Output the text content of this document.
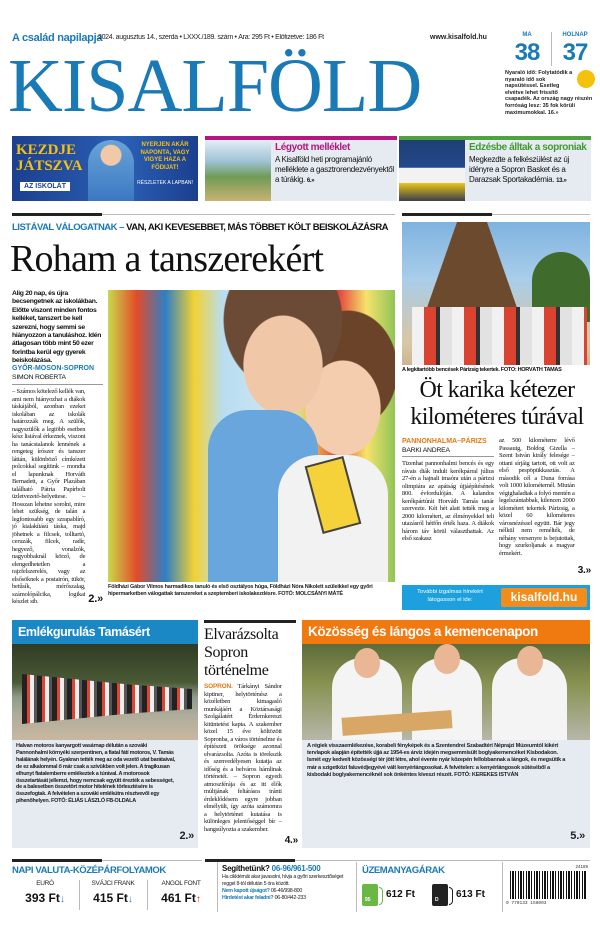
A család napilapja
2024. augusztus 14., szerda • LXXX./189. szám • Ára: 295 Ft • Előfizetve: 186 Ft	www.kisalfold.hu
KISALFÖLD
MA	HOLNAP
38 37
Nyaraló idő: Folytatódik a nyaraló idő sok napsütéssel. Esetleg elvétve lehet frissítő csapadék. Az ország nagy részén forróság lesz: 35 fok körüli maximumokkal. 16.»
KEZDJE JÁTSZVA
AZ ISKOLÁT
NYERJEN AKÁR NAPONTA, VAGY VIGYE HAZA A FŐDIJAT!
RÉSZLETEK A LAPBAN!
Légyott melléklet
A Kisalföld heti programajánló melléklete a gasztrorendezvényektől a túrákig. 6.»
Edzésbe álltak a soproniak
Megkezdte a felkészülést az új idényre a Sopron Basket és a Darazsak Sportakadémia. 13.»
LISTÁVAL VÁLOGATNAK – VAN, AKI KEVESEBBET, MÁS TÖBBET KÖLT BEISKOLÁZÁSRA
Roham a tanszerekért
Alig 20 nap, és újra becsengetnek az iskolákban. Előtte viszont minden fontos kelléket, tanszert be kell szerezni, hogy semmi se hiányozzon a tanuláshoz. Idén átlagosan több mint 50 ezer forintba kerül egy gyerek beiskolázása.
GYŐR-MOSON-SOPRON
SIMON ROBERTA
2.»
– Számos kötelező kellék van, ami nem hiányozhat a diákok táskájából, azonban ezeket iskolában az iskolák határozzák meg. A szülők, nagyszülők a legtöbb esetben kész listával érkeznek, viszont ha tanácstalanok lennének a rengeteg írószer és tanszer láttán, különböző címkézett polcokkal segítünk – mondta el lapunknak Horváth Bernadett, a Győr Plazában található Pátria Papírbolt üzletvezető-helyettese. – Hosszan lehetne sorolni, mire lehet szükség, de talán a legfontosabb egy szrapablíró, jó kialakítású táska, majd jöhetnek a filcsek, tolltartó, ceruzák, filcek, radír, hegyező, vonalzók, nagyobbaknál körző, de elengedhetetlen a rajzfelszerelés, vagy az elsősöknek a postairón, tükör, betűsík, mérőszalag, számolópálcika, logikai készlet stb.
Földházi Gábor Vilmos harmadikos tanuló és első osztályos húga, Földházi Nóra Nikolett szüleikkel egy győri hipermarketben válogattak tanszereket a szeptemberi iskolakezdésre. FOTÓ: MOLCSÁNYI MÁTÉ
A legkitartóbb bencések Párizsig tekertek. FOTÓ: HORVÁTH TAMÁS
Öt karika kétezer kilométeres túrával
PANNONHALMA–PÁRIZS
BARKI ANDREA
Tizenhat pannonhalmi bencés és egy rávais diák indult kerékpárral július 27-én a hajnali imaóra után a párizsi olimpiára az apátság újjáépítésének 800. évfordulóján. A kalandos kerékpártúrát Horváth Tamás tanár szervezte. Két hét alatt tették meg a 2000 kilométert, az élményekkel teli utazásról hétfőn érték haza. A diákok három táv körül választhattak. Az első szakasz
3.»
az 500 kilométerre lévő Passauig, Boldog Gizella – Szent István király felesége – ottani sírjáig tartott, ott volt az első pespöpükkasztás. A második cél a Duna forrása volt 1000 kilométernél. Miután végighaladtak a folyó mentén a legelszántabbak, kilencen 2000 kilométert tekertek Párizsig, a közel 60 kilométeres városnézéssel együtt. Bár jegy nélkül nem remélték, de néhány versenyre is bejutottak, hogy szurkoljanak a magyar érmekért.
További izgalmas hírekért látogasson el ide:	kisalfold.hu
Emlékgurulás Tamásért
2.»
Halvan motoros kanyargott vasárnap délután a szováki Pannonhalmi környéki szerpentinen, a fiatal fátí motoros, V. Tamás halálának helyén. Gyakran tették meg az oda vezető utat barátaival, de ez alkalommal ő már csak a szívükben volt jelen. A tragikusan elhunyt fiatalemberre emlékeztek a túrával. A motorosok összetartását jellemzi, hogy nemcsak együtt érezték a sebességet, de a balesetben összetört motor hitelének törlesztésére is összefogtak. A felvételen a szováki emlékútra résztvevői egy pihenőhelyen. FOTÓ: ÉLIÁS LÁSZLÓ FB-OLDALA
Elvarázsolta Sopron történelme
4.»
SOPRON. Tárkányi Sándor kiptiner, helytörténész a közéletben kimagasló munkájáért a Köztársasági Szolgálatért Érdemkereszt kitüntetést kapta. A szakember közel 15 éve költözött Sopronba, a város történelme és építészeti öröksége azonnal elvarázsolta. Azóta is törekszik és szenvedélyesen kutatja az időség és a belváros hámlinak történetét. – Sopron egyedi atmoszférája és az itt élők múltjának feltárásra iránti érdeklődésem egyre jobban elmélyült, így azóta számomra a helytörténet kutatása is különleges jelentőséggel bír – hangsúlyozta a szakember.
Közösség és lángos a kemencenapon
5.»
A régiek visszaemlékezése, korabeli fényképek és a Szentendrei Szabadtéri Néprajzi Múzeumtól kikért tervlapok alapján építették újjá az 1954-es árvíz idején megsemmisült boglyakemencéket Kisbodakon. Ismét egy kedvelt közösségi tér jött létre, ahol évente nyár közepén fellobbannak a lángok, és megsütik a már a szigetközi faluvédjegyévé vált kenyérlángosokat. A felvételen: a kenyérlángosok sütéséből a kisbodaki boglyakemencéknél sok önkéntes kiveszi részét. FOTÓ: KEREKES ISTVÁN
NAPI VALUTA-KÖZÉPÁRFOLYAMOK
EURÓ
393 Ft↓
SVÁJCI FRANK
415 Ft↓
ANGOL FONT
461 Ft↑
Segíthetünk? 06-96/961-500
Ha cikktémát akar javasolni, hívja a győri szerkesztőséget reggel 8-tól délután 5 óra között.
Nem kapott újságot? 06-46/998-800
Hirdetést akar feladni? 06-80/442-233
ÜZEMANYAGÁRAK
95 612 Ft	D 613 Ft
24189
9 770133 158003
